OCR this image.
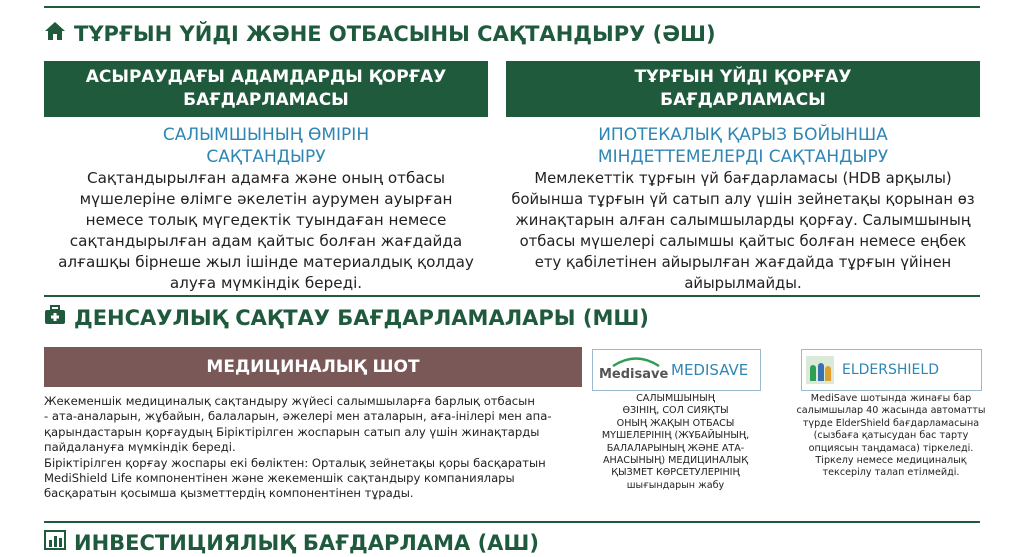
ТҰРҒЫН ҮЙДІ ЖӘНЕ ОТБАСЫНЫ САҚТАНДЫРУ (ӘШ)
АСЫРАУДАҒЫ АДАМДАРДЫ ҚОРҒАУ
БАҒДАРЛАМАСЫ
САЛЫМШЫНЫҢ ӨМІРІН
САҚТАНДЫРУ
Сақтандырылған адамға және оның отбасы
мүшелеріне өлімге әкелетін аурумен ауырған
немесе толық мүгедектік туындаған немесе
сақтандырылған адам қайтыс болған жағдайда
алғашқы бірнеше жыл ішінде материалдық қолдау
алуға мүмкіндік береді.
ТҰРҒЫН ҮЙДІ ҚОРҒАУ
БАҒДАРЛАМАСЫ
ИПОТЕКАЛЫҚ ҚАРЫЗ БОЙЫНША
МІНДЕТТЕМЕЛЕРДІ САҚТАНДЫРУ
Мемлекеттік тұрғын үй бағдарламасы (HDB арқылы)
бойынша тұрғын үй сатып алу үшін зейнетақы қорынан өз
жинақтарын алған салымшыларды қорғау. Салымшының
отбасы мүшелері салымшы қайтыс болған немесе еңбек
ету қабілетінен айырылған жағдайда тұрғын үйінен
айырылмайды.
ДЕНСАУЛЫҚ САҚТАУ БАҒДАРЛАМАЛАРЫ (МШ)
МЕДИЦИНАЛЫҚ ШОТ
Жекеменшік медициналық сақтандыру жүйесі салымшыларға барлық отбасын
- ата-аналарын, жұбайын, балаларын, әжелері мен аталарын, аға-інілері мен апа-
қарындастарын қорғаудың Біріктірілген жоспарын сатып алу үшін жинақтарды
пайдалануға мүмкіндік береді.
Біріктірілген қорғау жоспары екі бөліктен: Орталық зейнетақы қоры басқаратын
MediShield Life компонентінен және жекеменшік сақтандыру компаниялары
басқаратын қосымша қызметтердің компонентінен тұрады.
Medisave MEDISAVE	ELDERSHIELD
САЛЫМШЫНЫҢ
ӨЗІНІҢ, СОЛ СИЯҚТЫ
ОНЫҢ ЖАҚЫН ОТБАСЫ
МҮШЕЛЕРІНІҢ (ЖҰБАЙЫНЫҢ,
БАЛАЛАРЫНЫҢ ЖӘНЕ АТА-
АНАСЫНЫҢ) МЕДИЦИНАЛЫҚ
ҚЫЗМЕТ КӨРСЕТУЛЕРІНІҢ
шығындарын жабу
MediSave шотында жинағы бар
салымшылар 40 жасында автоматты
түрде ElderShield бағдарламасына
(сызбаға қатысудан бас тарту
опциясын таңдамаса) тіркеледі.
Тіркелу немесе медициналық
тексерілу талап етілмейді.
ИНВЕСТИЦИЯЛЫҚ БАҒДАРЛАМА (АШ)
